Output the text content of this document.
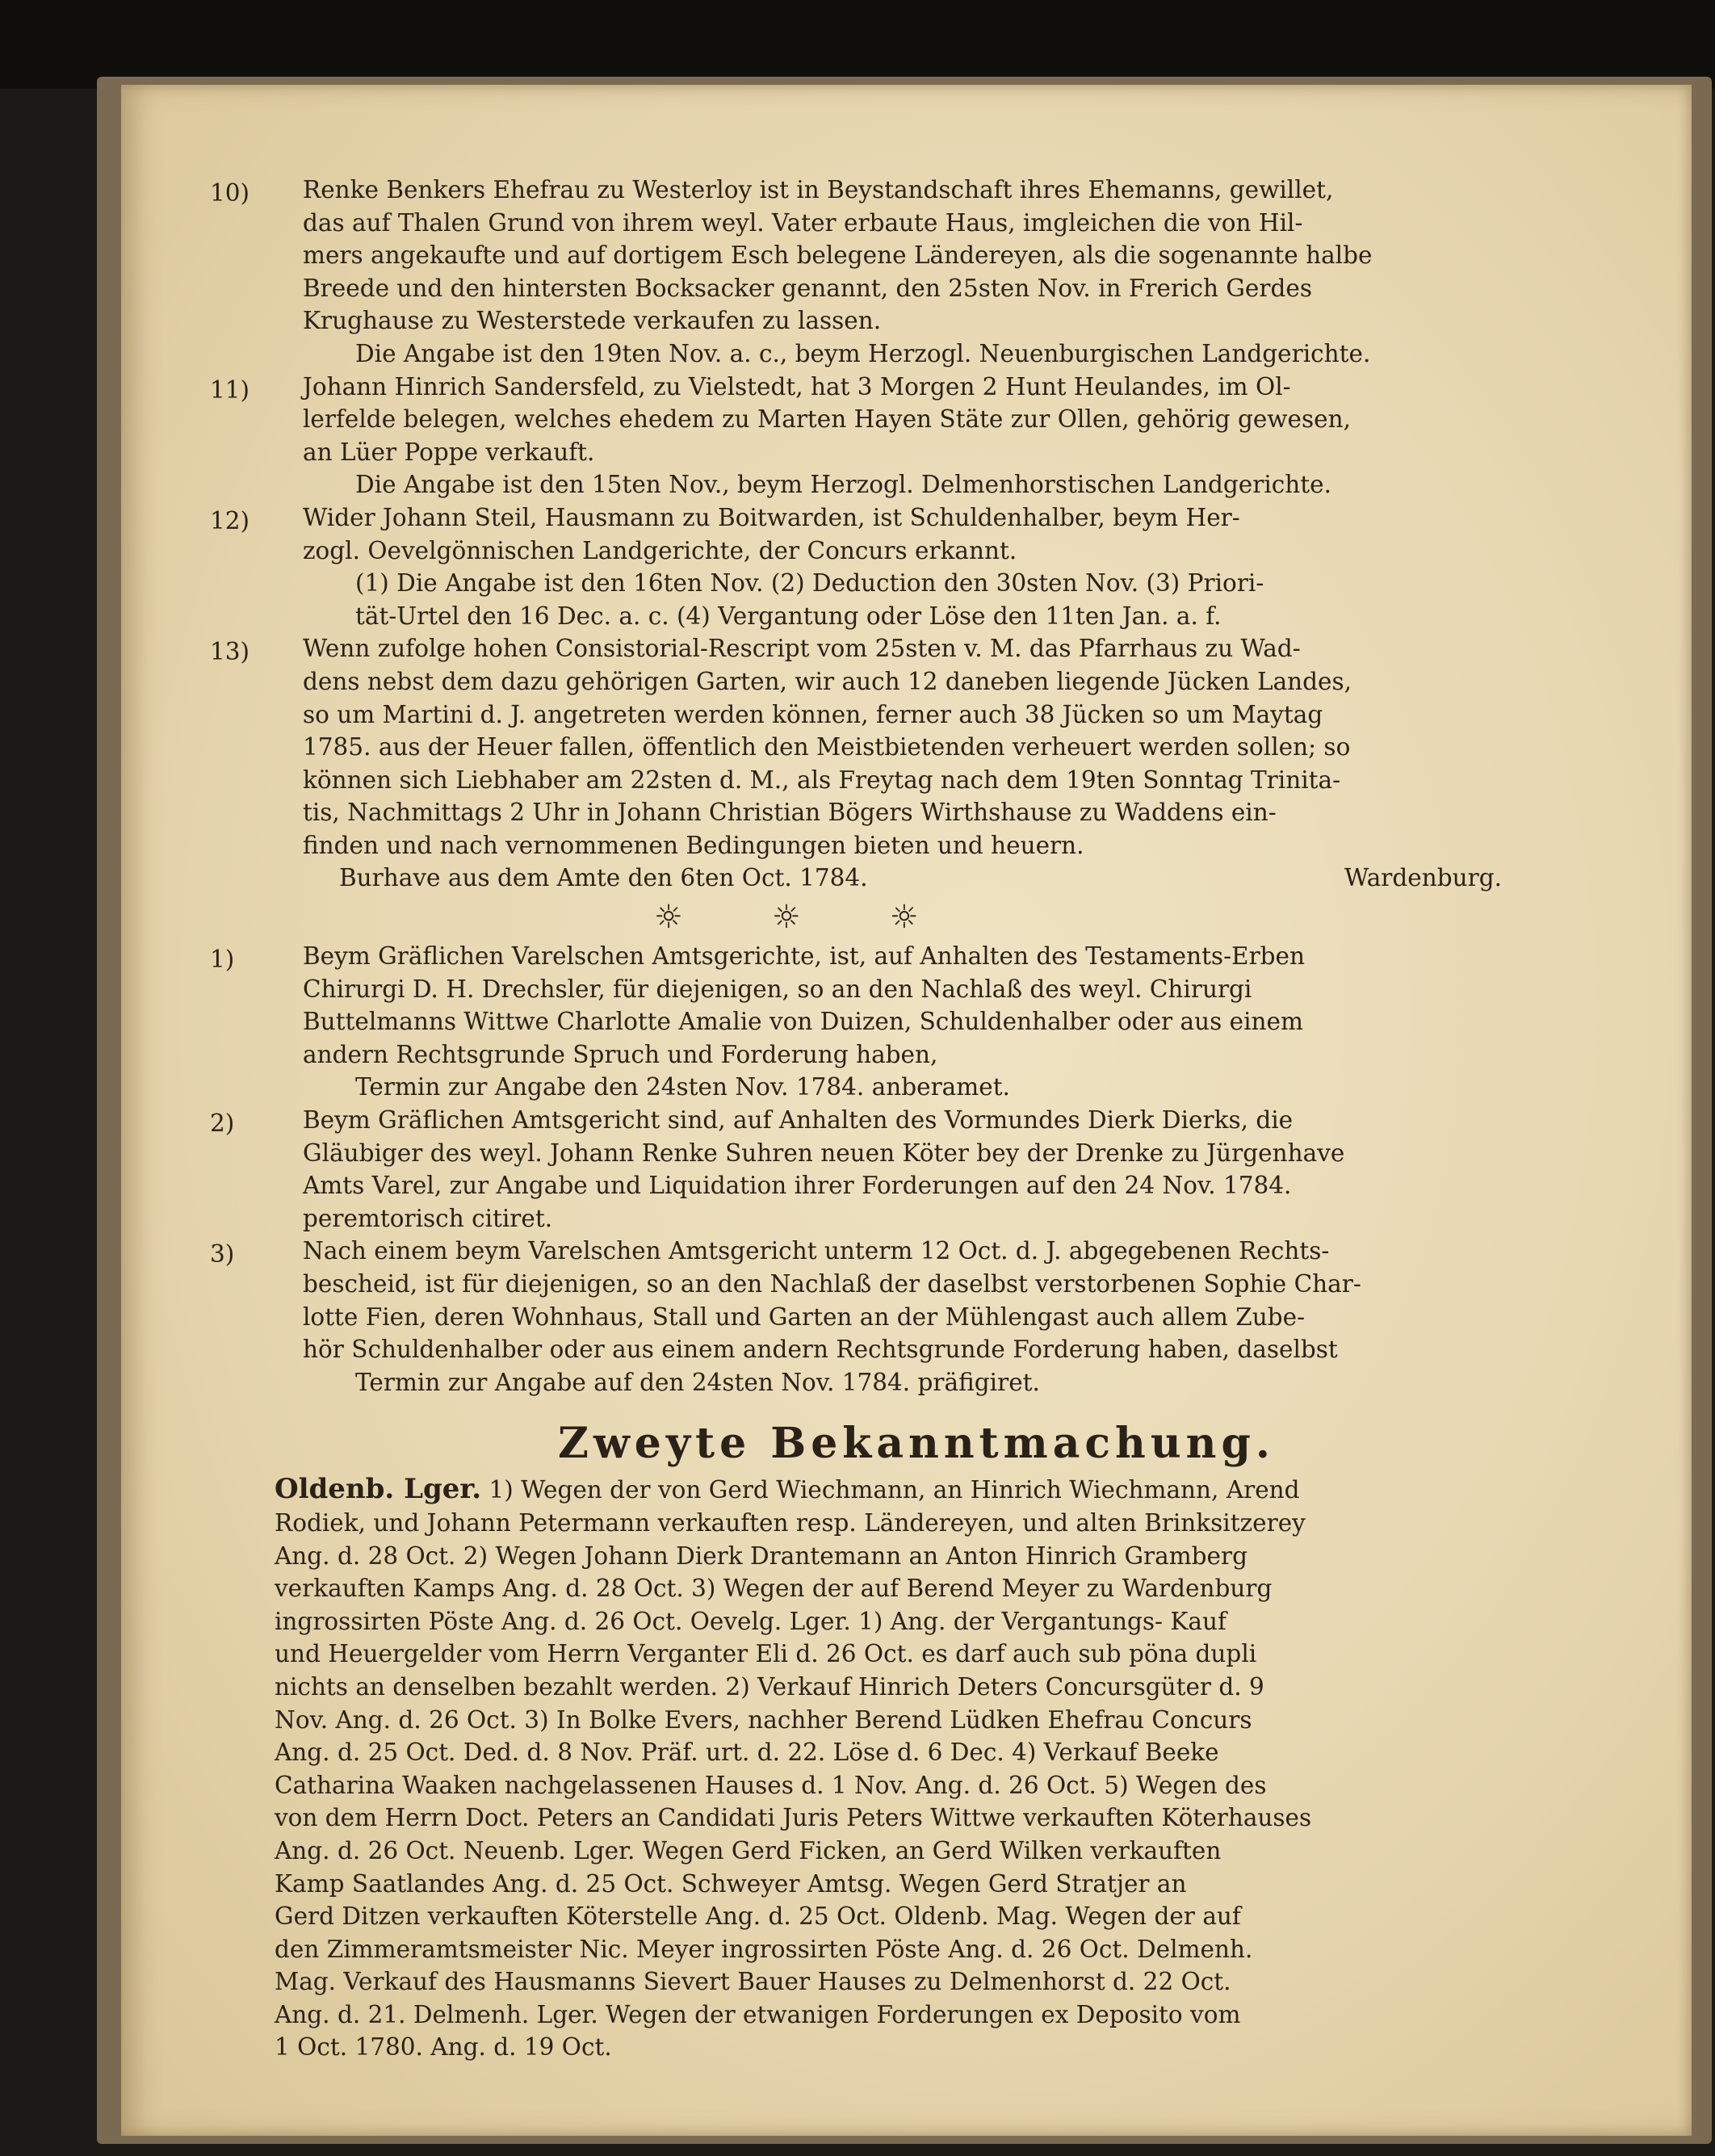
10) Renke Benkers Ehefrau zu Westerloy ist in Beystandschaft ihres Ehemanns, gewillet,
das auf Thalen Grund von ihrem weyl. Vater erbaute Haus, imgleichen die von Hil-
mers angekaufte und auf dortigem Esch belegene Ländereyen, als die sogenannte halbe
Breede und den hintersten Bocksacker genannt, den 25sten Nov. in Frerich Gerdes
Krughause zu Westerstede verkaufen zu lassen.
Die Angabe ist den 19ten Nov. a. c., beym Herzogl. Neuenburgischen Landgerichte.
11) Johann Hinrich Sandersfeld, zu Vielstedt, hat 3 Morgen 2 Hunt Heulandes, im Ol-
lerfelde belegen, welches ehedem zu Marten Hayen Stäte zur Ollen, gehörig gewesen,
an Lüer Poppe verkauft.
Die Angabe ist den 15ten Nov., beym Herzogl. Delmenhorstischen Landgerichte.
12) Wider Johann Steil, Hausmann zu Boitwarden, ist Schuldenhalber, beym Her-
zogl. Oevelgönnischen Landgerichte, der Concurs erkannt.
(1) Die Angabe ist den 16ten Nov. (2) Deduction den 30sten Nov. (3) Priori-
tät-Urtel den 16 Dec. a. c. (4) Vergantung oder Löse den 11ten Jan. a. f.
13) Wenn zufolge hohen Consistorial-Rescript vom 25sten v. M. das Pfarrhaus zu Wad-
dens nebst dem dazu gehörigen Garten, wir auch 12 daneben liegende Jücken Landes,
so um Martini d. J. angetreten werden können, ferner auch 38 Jücken so um Maytag
1785. aus der Heuer fallen, öffentlich den Meistbietenden verheuert werden sollen; so
können sich Liebhaber am 22sten d. M., als Freytag nach dem 19ten Sonntag Trinita-
tis, Nachmittags 2 Uhr in Johann Christian Bögers Wirthshause zu Waddens ein-
finden und nach vernommenen Bedingungen bieten und heuern.
Burhave aus dem Amte den 6ten Oct. 1784.	Wardenburg.
☼	☼	☼
1)	Beym Gräflichen Varelschen Amtsgerichte, ist, auf Anhalten des Testaments-Erben
Chirurgi D. H. Drechsler, für diejenigen, so an den Nachlaß des weyl. Chirurgi
Buttelmanns Wittwe Charlotte Amalie von Duizen, Schuldenhalber oder aus einem
andern Rechtsgrunde Spruch und Forderung haben,
Termin zur Angabe den 24sten Nov. 1784. anberamet.
2)	Beym Gräflichen Amtsgericht sind, auf Anhalten des Vormundes Dierk Dierks, die
Gläubiger des weyl. Johann Renke Suhren neuen Köter bey der Drenke zu Jürgenhave
Amts Varel, zur Angabe und Liquidation ihrer Forderungen auf den 24 Nov. 1784.
peremtorisch citiret.
3)	Nach einem beym Varelschen Amtsgericht unterm 12 Oct. d. J. abgegebenen Rechts-
bescheid, ist für diejenigen, so an den Nachlaß der daselbst verstorbenen Sophie Char-
lotte Fien, deren Wohnhaus, Stall und Garten an der Mühlengast auch allem Zube-
hör Schuldenhalber oder aus einem andern Rechtsgrunde Forderung haben, daselbst
Termin zur Angabe auf den 24sten Nov. 1784. präfigiret.
Zweyte Bekanntmachung.
Oldenb. Lger. 1) Wegen der von Gerd Wiechmann, an Hinrich Wiechmann, Arend
Rodiek, und Johann Petermann verkauften resp. Ländereyen, und alten Brinksitzerey
Ang. d. 28 Oct. 2) Wegen Johann Dierk Drantemann an Anton Hinrich Gramberg
verkauften Kamps Ang. d. 28 Oct. 3) Wegen der auf Berend Meyer zu Wardenburg
ingrossirten Pöste Ang. d. 26 Oct. Oevelg. Lger. 1) Ang. der Vergantungs- Kauf
und Heuergelder vom Herrn Verganter Eli d. 26 Oct. es darf auch sub pöna dupli
nichts an denselben bezahlt werden. 2) Verkauf Hinrich Deters Concursgüter d. 9
Nov. Ang. d. 26 Oct. 3) In Bolke Evers, nachher Berend Lüdken Ehefrau Concurs
Ang. d. 25 Oct. Ded. d. 8 Nov. Präf. urt. d. 22. Löse d. 6 Dec. 4) Verkauf Beeke
Catharina Waaken nachgelassenen Hauses d. 1 Nov. Ang. d. 26 Oct. 5) Wegen des
von dem Herrn Doct. Peters an Candidati Juris Peters Wittwe verkauften Köterhauses
Ang. d. 26 Oct. Neuenb. Lger. Wegen Gerd Ficken, an Gerd Wilken verkauften
Kamp Saatlandes Ang. d. 25 Oct. Schweyer Amtsg. Wegen Gerd Stratjer an
Gerd Ditzen verkauften Köterstelle Ang. d. 25 Oct. Oldenb. Mag. Wegen der auf
den Zimmeramtsmeister Nic. Meyer ingrossirten Pöste Ang. d. 26 Oct. Delmenh.
Mag. Verkauf des Hausmanns Sievert Bauer Hauses zu Delmenhorst d. 22 Oct.
Ang. d. 21. Delmenh. Lger. Wegen der etwanigen Forderungen ex Deposito vom
1 Oct. 1780. Ang. d. 19 Oct.
